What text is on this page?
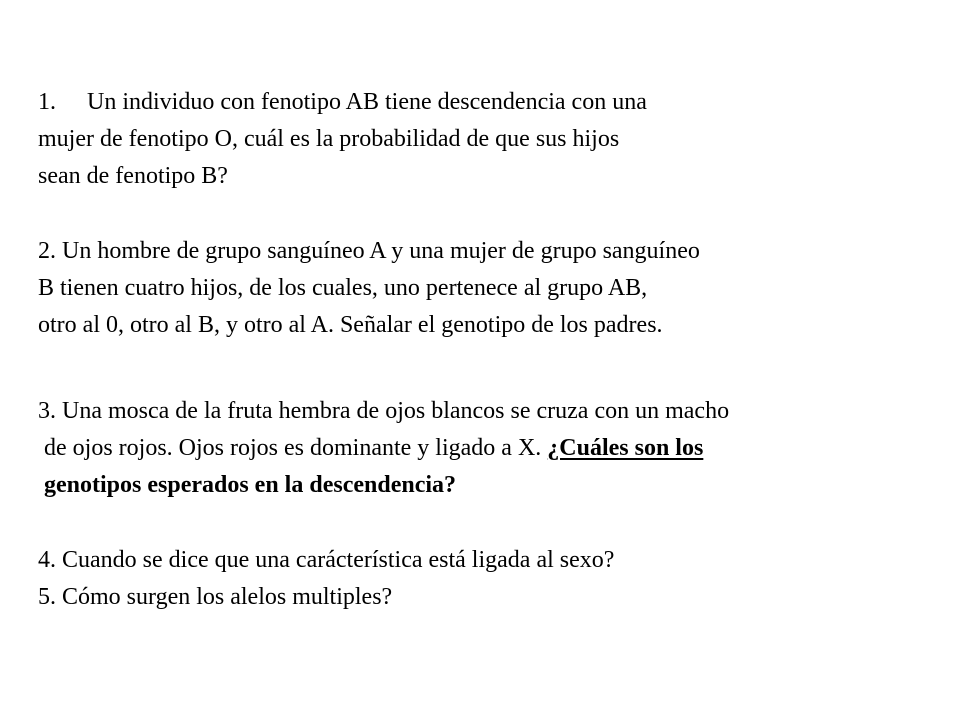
1. Un individuo con fenotipo AB tiene descendencia con una
mujer de fenotipo O, cuál es la probabilidad de que sus hijos
sean de fenotipo B?
2. Un hombre de grupo sanguíneo A y una mujer de grupo sanguíneo
B tienen cuatro hijos, de los cuales, uno pertenece al grupo AB,
otro al 0, otro al B, y otro al A. Señalar el genotipo de los padres.
3. Una mosca de la fruta hembra de ojos blancos se cruza con un macho
de ojos rojos. Ojos rojos es dominante y ligado a X. ¿Cuáles son los
genotipos esperados en la descendencia?
4. Cuando se dice que una carácterística está ligada al sexo?
5. Cómo surgen los alelos multiples?
